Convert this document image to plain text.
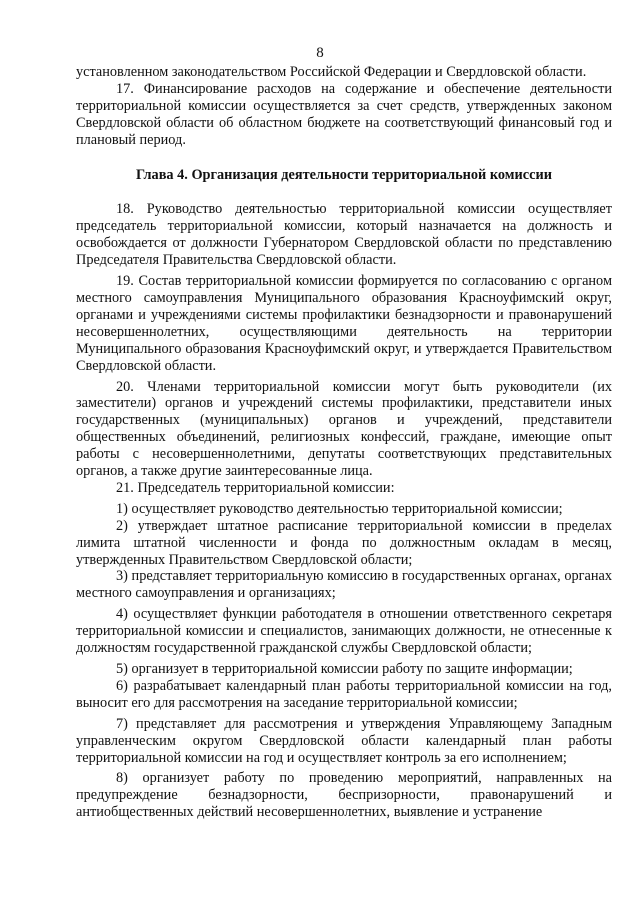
8

установленном законодательством Российской Федерации и Свердловской области.

17. Финансирование расходов на содержание и обеспечение деятельности территориальной комиссии осуществляется за счет средств, утвержденных законом Свердловской области об областном бюджете на соответствующий финансовый год и плановый период.

Глава 4. Организация деятельности территориальной комиссии

18. Руководство деятельностью территориальной комиссии осуществляет председатель территориальной комиссии, который назначается на должность и освобождается от должности Губернатором Свердловской области по представлению Председателя Правительства Свердловской области.

19. Состав территориальной комиссии формируется по согласованию с органом местного самоуправления Муниципального образования Красноуфимский округ, органами и учреждениями системы профилактики безнадзорности и правонарушений несовершеннолетних, осуществляющими деятельность на территории Муниципального образования Красноуфимский округ, и утверждается Правительством Свердловской области.

20. Членами территориальной комиссии могут быть руководители (их заместители) органов и учреждений системы профилактики, представители иных государственных (муниципальных) органов и учреждений, представители общественных объединений, религиозных конфессий, граждане, имеющие опыт работы с несовершеннолетними, депутаты соответствующих представительных органов, а также другие заинтересованные лица.

21. Председатель территориальной комиссии:

1) осуществляет руководство деятельностью территориальной комиссии;

2) утверждает штатное расписание территориальной комиссии в пределах лимита штатной численности и фонда по должностным окладам в месяц, утвержденных Правительством Свердловской области;

3) представляет территориальную комиссию в государственных органах, органах местного самоуправления и организациях;

4) осуществляет функции работодателя в отношении ответственного секретаря территориальной комиссии и специалистов, занимающих должности, не отнесенные к должностям государственной гражданской службы Свердловской области;

5) организует в территориальной комиссии работу по защите информации;

6) разрабатывает календарный план работы территориальной комиссии на год, выносит его для рассмотрения на заседание территориальной комиссии;

7) представляет для рассмотрения и утверждения Управляющему Западным управленческим округом Свердловской области календарный план работы территориальной комиссии на год и осуществляет контроль за его исполнением;

8) организует работу по проведению мероприятий, направленных на предупреждение безнадзорности, беспризорности, правонарушений и антиобщественных действий несовершеннолетних, выявление и устранение
